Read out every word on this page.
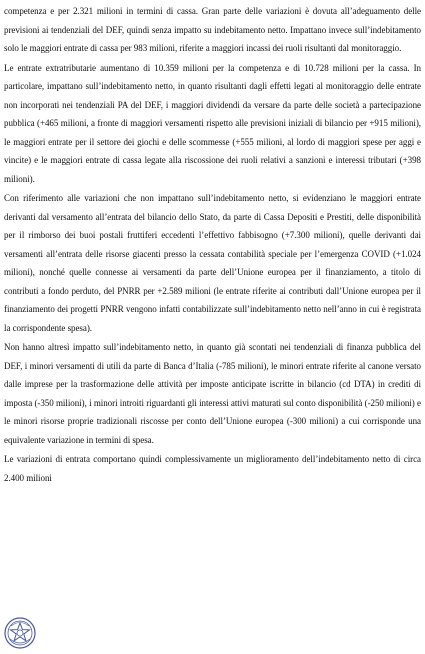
competenza e per 2.321 milioni in termini di cassa. Gran parte delle variazioni è dovuta all’adeguamento delle previsioni ai tendenziali del DEF, quindi senza impatto su indebitamento netto. Impattano invece sull’indebitamento solo le maggiori entrate di cassa per 983 milioni, riferite a maggiori incassi dei ruoli risultanti dal monitoraggio.

Le entrate extratributarie aumentano di 10.359 milioni per la competenza e di 10.728 milioni per la cassa. In particolare, impattano sull’indebitamento netto, in quanto risultanti dagli effetti legati al monitoraggio delle entrate non incorporati nei tendenziali PA del DEF, i maggiori dividendi da versare da parte delle società a partecipazione pubblica (+465 milioni, a fronte di maggiori versamenti rispetto alle previsioni iniziali di bilancio per +915 milioni), le maggiori entrate per il settore dei giochi e delle scommesse (+555 milioni, al lordo di maggiori spese per aggi e vincite) e le maggiori entrate di cassa legate alla riscossione dei ruoli relativi a sanzioni e interessi tributari (+398 milioni).

Con riferimento alle variazioni che non impattano sull’indebitamento netto, si evidenziano le maggiori entrate derivanti dal versamento all’entrata del bilancio dello Stato, da parte di Cassa Depositi e Prestiti, delle disponibilità per il rimborso dei buoi postali fruttiferi eccedenti l’effettivo fabbisogno (+7.300 milioni), quelle derivanti dai versamenti all’entrata delle risorse giacenti presso la cessata contabilità speciale per l’emergenza COVID (+1.024 milioni), nonché quelle connesse ai versamenti da parte dell’Unione europea per il finanziamento, a titolo di contributi a fondo perduto, del PNRR per +2.589 milioni (le entrate riferite ai contributi dall’Unione europea per il finanziamento dei progetti PNRR vengono infatti contabilizzate sull’indebitamento netto nell’anno in cui è registrata la corrispondente spesa).

Non hanno altresì impatto sull’indebitamento netto, in quanto già scontati nei tendenziali di finanza pubblica del DEF, i minori versamenti di utili da parte di Banca d’Italia (-785 milioni), le minori entrate riferite al canone versato dalle imprese per la trasformazione delle attività per imposte anticipate iscritte in bilancio (cd DTA) in crediti di imposta (-350 milioni), i minori introiti riguardanti gli interessi attivi maturati sul conto disponibilità (-250 milioni) e le minori risorse proprie tradizionali riscosse per conto dell’Unione europea (-300 milioni) a cui corrisponde una equivalente variazione in termini di spesa.

Le variazioni di entrata comportano quindi complessivamente un miglioramento dell’indebitamento netto di circa 2.400 milioni
